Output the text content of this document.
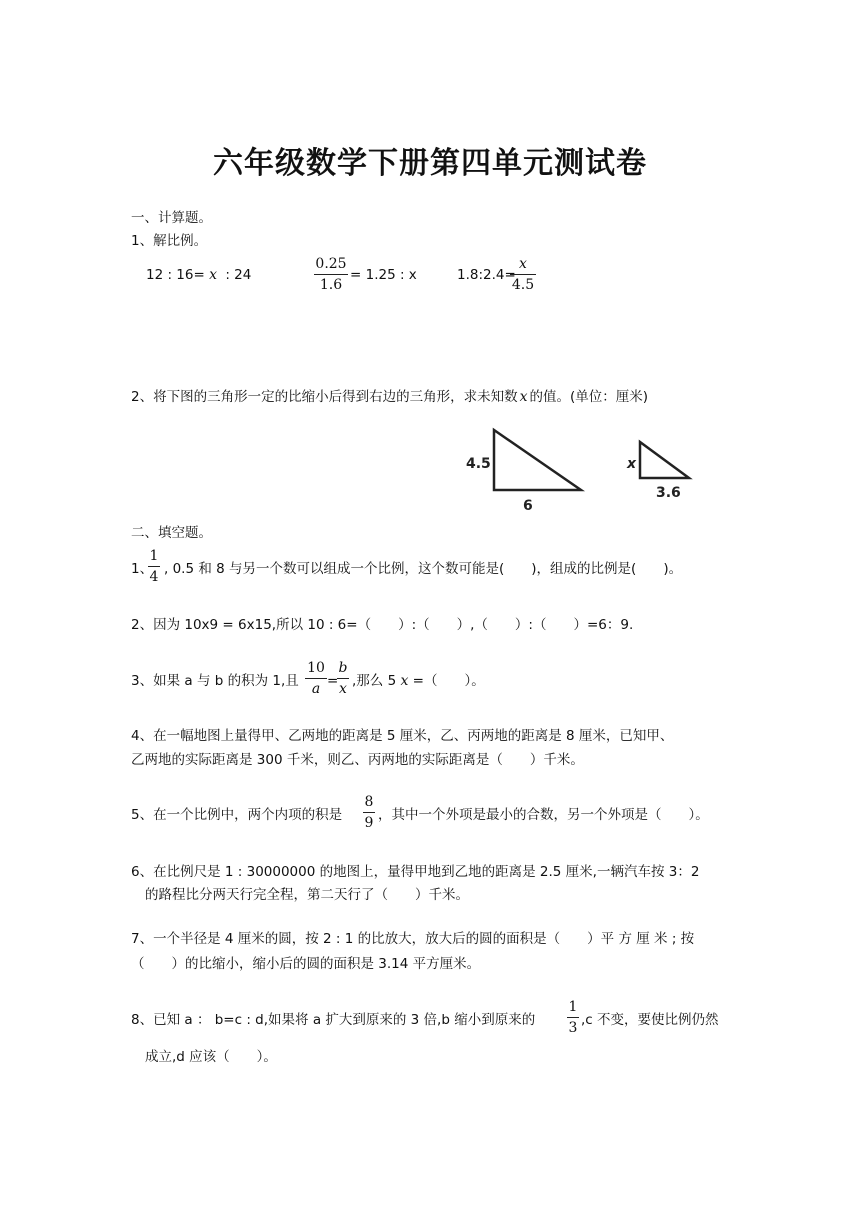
六年级数学下册第四单元测试卷
一、计算题。
1、解比例。
12 : 16= x : 24
0.25
1.6
= 1.25 : x	1.8:2.4=
x
4.5
2、将下图的三角形一定的比缩小后得到右边的三角形，求未知数 x 的值。(单位：厘米)
4.5
6
x
3.6
二、填空题。
1、
1
4 , 0.5 和 8 与另一个数可以组成一个比例，这个数可能是(　　)，组成的比例是(　　)。
2、因为 10x9 = 6x15,所以 10 : 6=（　　）:（　　）,（　　）:（　　）=6：9.
3、如果 a 与 b 的积为 1,且
10
a =
b
x ,那么 5 x =（　　）。
4、在一幅地图上量得甲、乙两地的距离是 5 厘米，乙、丙两地的距离是 8 厘米，已知甲、
乙两地的实际距离是 300 千米，则乙、丙两地的实际距离是（　　）千米。
5、在一个比例中，两个内项的积是
8
9 ，其中一个外项是最小的合数，另一个外项是（　　）。
6、在比例尺是 1 : 30000000 的地图上，量得甲地到乙地的距离是 2.5 厘米,一辆汽车按 3：2
的路程比分两天行完全程，第二天行了（　　）千米。
7、一个半径是 4 厘米的圆，按 2 : 1 的比放大，放大后的圆的面积是（　　）平 方 厘 米 ; 按
（　　）的比缩小，缩小后的圆的面积是 3.14 平方厘米。
8、已知 a ： b=c : d,如果将 a 扩大到原来的 3 倍,b 缩小到原来的
1
3 ,c 不变，要使比例仍然
成立,d 应该（　　）。
